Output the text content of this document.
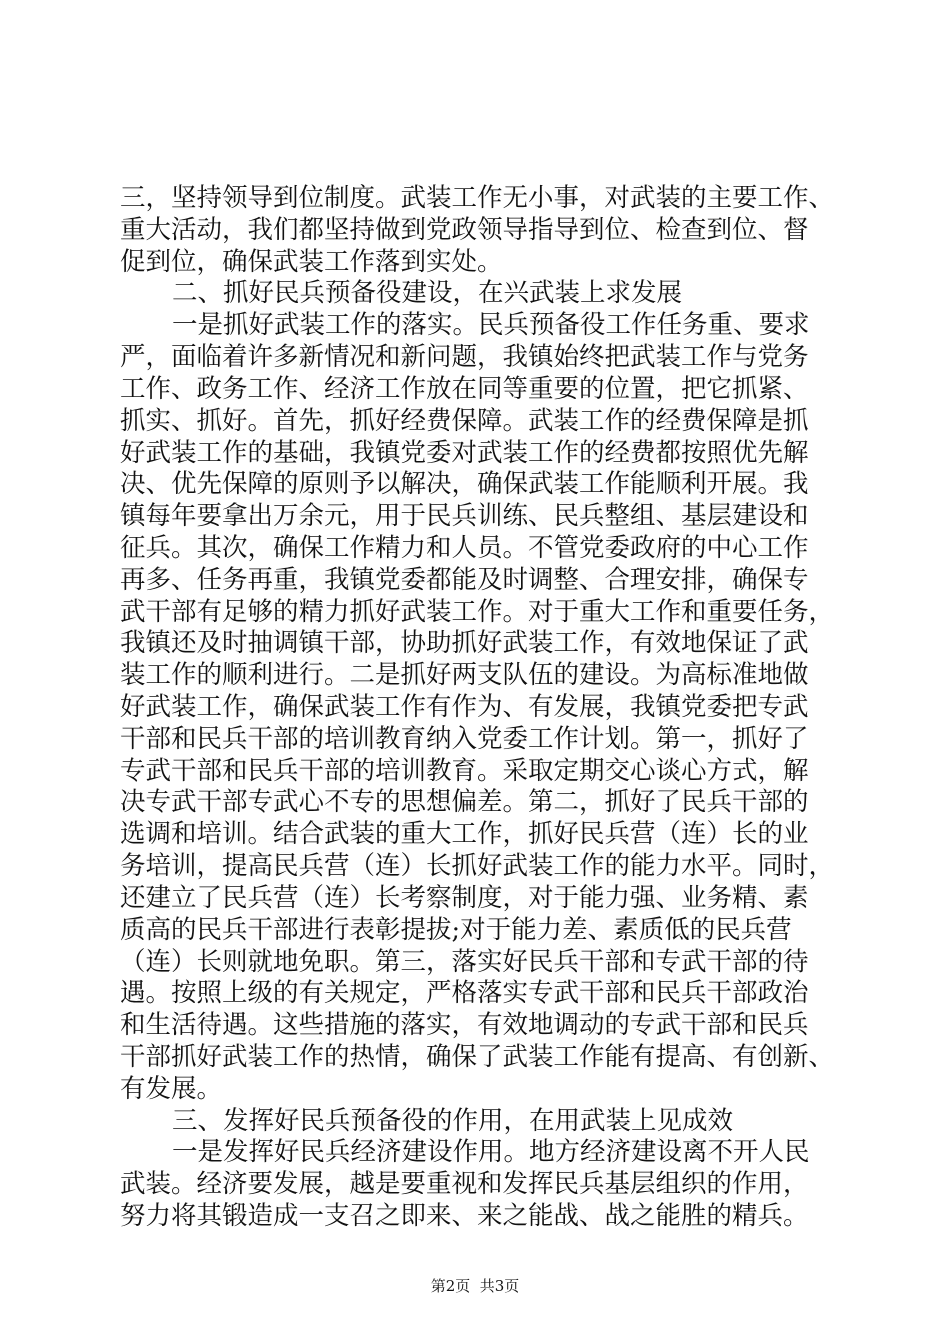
三，坚持领导到位制度。武装工作无小事，对武装的主要工作、
重大活动，我们都坚持做到党政领导指导到位、检查到位、督
促到位，确保武装工作落到实处。
二、抓好民兵预备役建设，在兴武装上求发展
一是抓好武装工作的落实。民兵预备役工作任务重、要求
严，面临着许多新情况和新问题，我镇始终把武装工作与党务
工作、政务工作、经济工作放在同等重要的位置，把它抓紧、
抓实、抓好。首先，抓好经费保障。武装工作的经费保障是抓
好武装工作的基础，我镇党委对武装工作的经费都按照优先解
决、优先保障的原则予以解决，确保武装工作能顺利开展。我
镇每年要拿出万余元，用于民兵训练、民兵整组、基层建设和
征兵。其次，确保工作精力和人员。不管党委政府的中心工作
再多、任务再重，我镇党委都能及时调整、合理安排，确保专
武干部有足够的精力抓好武装工作。对于重大工作和重要任务，
我镇还及时抽调镇干部，协助抓好武装工作，有效地保证了武
装工作的顺利进行。二是抓好两支队伍的建设。为高标准地做
好武装工作，确保武装工作有作为、有发展，我镇党委把专武
干部和民兵干部的培训教育纳入党委工作计划。第一，抓好了
专武干部和民兵干部的培训教育。采取定期交心谈心方式，解
决专武干部专武心不专的思想偏差。第二，抓好了民兵干部的
选调和培训。结合武装的重大工作，抓好民兵营（连）长的业
务培训，提高民兵营（连）长抓好武装工作的能力水平。同时，
还建立了民兵营（连）长考察制度，对于能力强、业务精、素
质高的民兵干部进行表彰提拔;对于能力差、素质低的民兵营
（连）长则就地免职。第三，落实好民兵干部和专武干部的待
遇。按照上级的有关规定，严格落实专武干部和民兵干部政治
和生活待遇。这些措施的落实，有效地调动的专武干部和民兵
干部抓好武装工作的热情，确保了武装工作能有提高、有创新、
有发展。
三、发挥好民兵预备役的作用，在用武装上见成效
一是发挥好民兵经济建设作用。地方经济建设离不开人民
武装。经济要发展，越是要重视和发挥民兵基层组织的作用，
努力将其锻造成一支召之即来、来之能战、战之能胜的精兵。
第2页  共3页
